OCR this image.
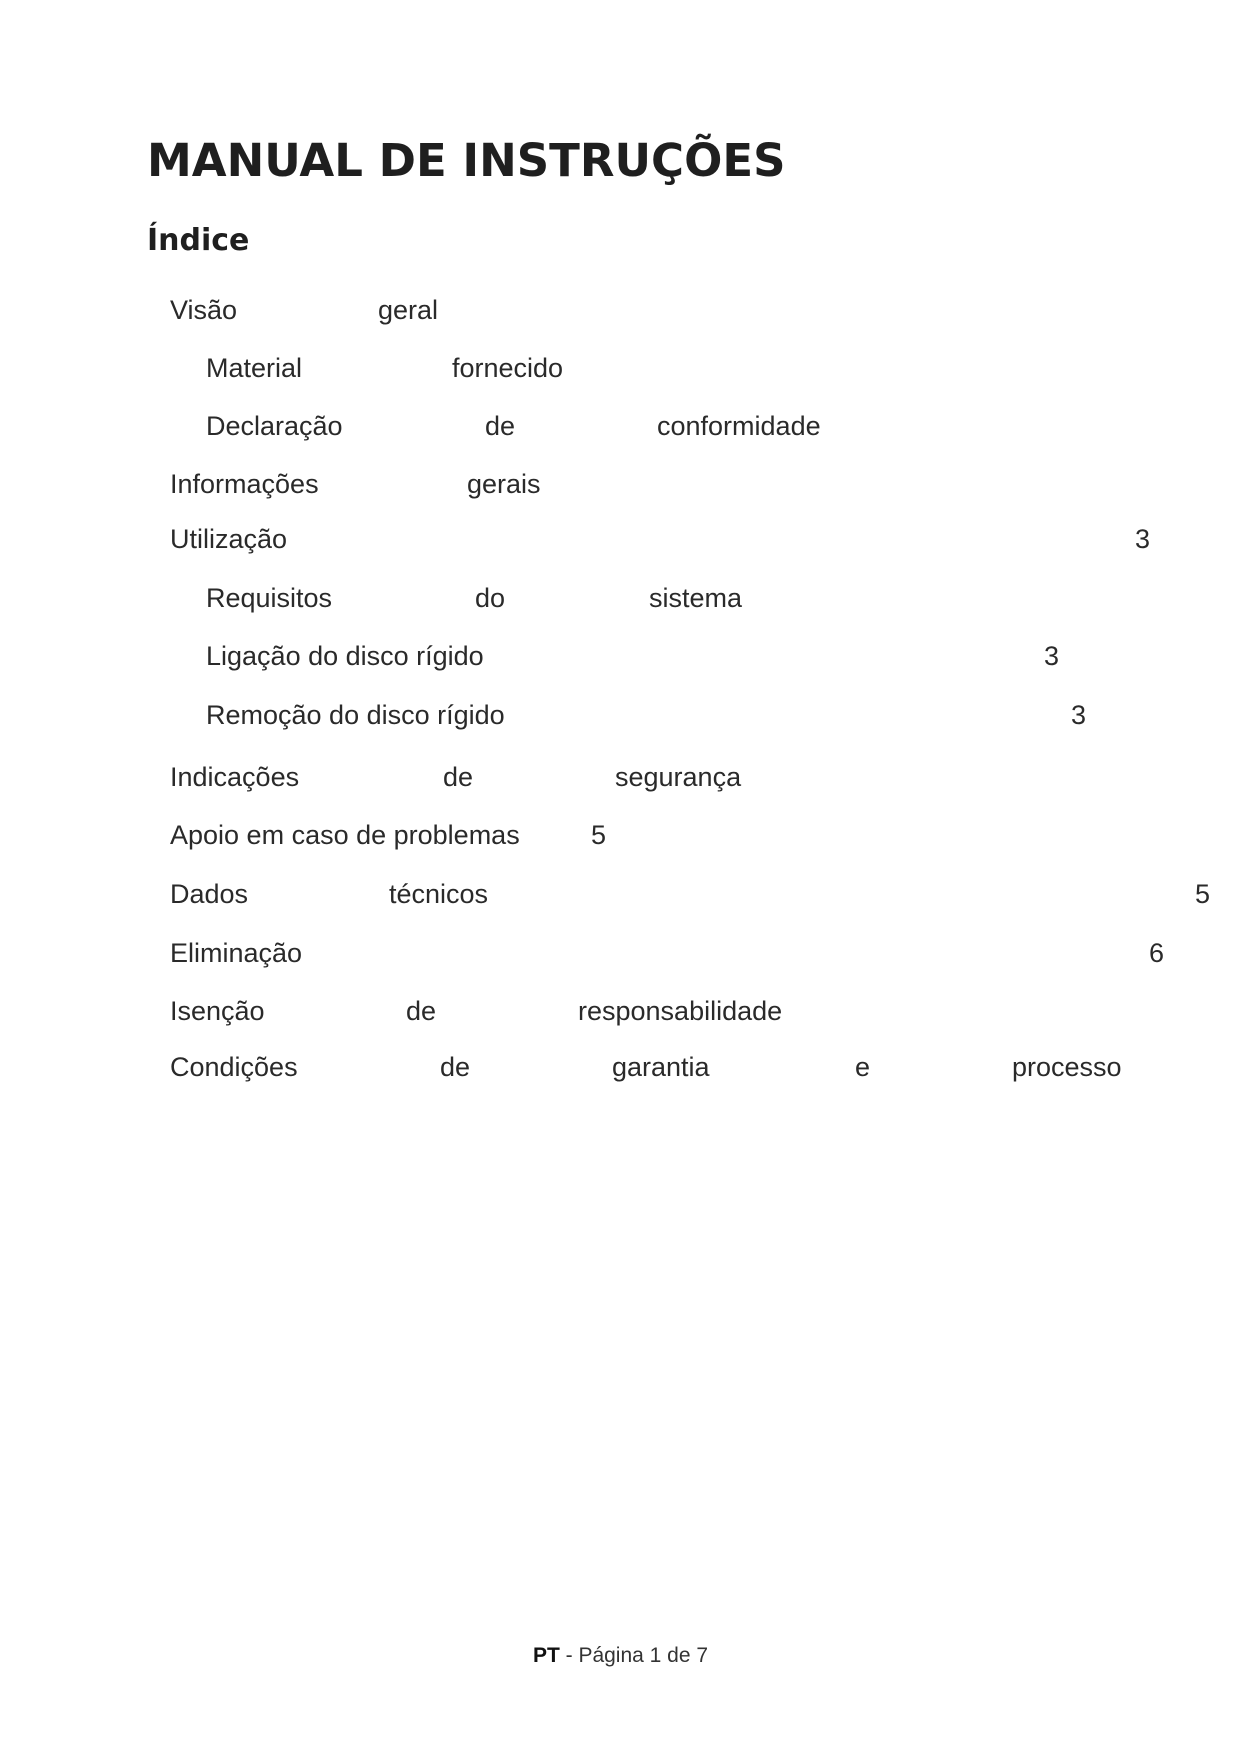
MANUAL DE INSTRUÇÕES
Índice
Visão	geral
Material	fornecido
Declaração	de	conformidade
Informações	gerais
Utilização	3
Requisitos	do	sistema
Ligação do disco rígido	3
Remoção do disco rígido	3
Indicações	de	segurança
Apoio em caso de problemas	5
Dados	técnicos	5
Eliminação	6
Isenção	de	responsabilidade
Condições	de	garantia	e	processo
PT - Página 1 de 7
